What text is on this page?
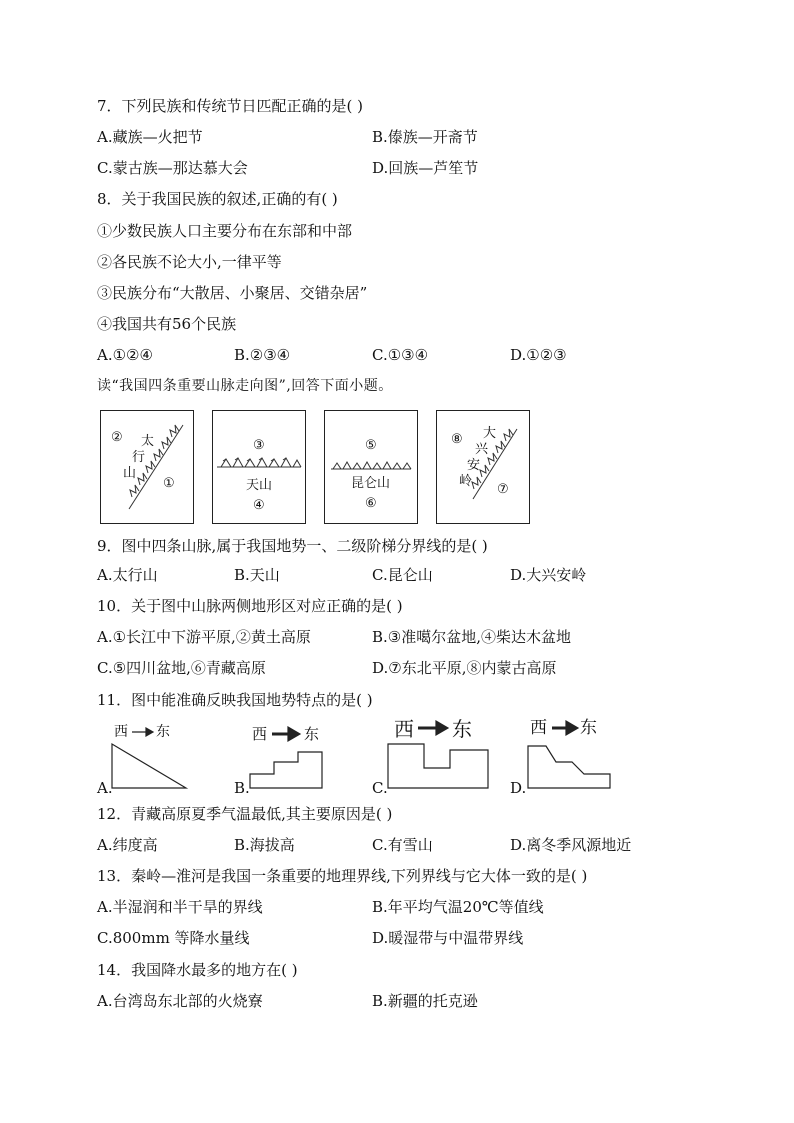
7．下列民族和传统节日匹配正确的是( )
A.藏族—火把节	B.傣族—开斋节
C.蒙古族—那达慕大会	D.回族—芦笙节
8．关于我国民族的叙述,正确的有( )
①少数民族人口主要分布在东部和中部
②各民族不论大小,一律平等
③民族分布“大散居、小聚居、交错杂居”
④我国共有56个民族
A.①②④	B.②③④	C.①③④	D.①②③
读“我国四条重要山脉走向图”,回答下面小题。
② 太
行
山
①
③
天山
④
⑤
昆仑山
⑥
⑧ 大
兴
安
岭
⑦
9．图中四条山脉,属于我国地势一、二级阶梯分界线的是( )
A.太行山	B.天山	C.昆仑山	D.大兴安岭
10．关于图中山脉两侧地形区对应正确的是( )
A.①长江中下游平原,②黄土高原	B.③准噶尔盆地,④柴达木盆地
C.⑤四川盆地,⑥青藏高原	D.⑦东北平原,⑧内蒙古高原
11．图中能准确反映我国地势特点的是( )
A.
西 东
B.
西 东
C.
西 东
D.
西 东
12．青藏高原夏季气温最低,其主要原因是( )
A.纬度高	B.海拔高	C.有雪山	D.离冬季风源地近
13．秦岭—淮河是我国一条重要的地理界线,下列界线与它大体一致的是( )
A.半湿润和半干旱的界线	B.年平均气温20℃等值线
C.800mm 等降水量线	D.暖湿带与中温带界线
14．我国降水最多的地方在( )
A.台湾岛东北部的火烧寮	B.新疆的托克逊
